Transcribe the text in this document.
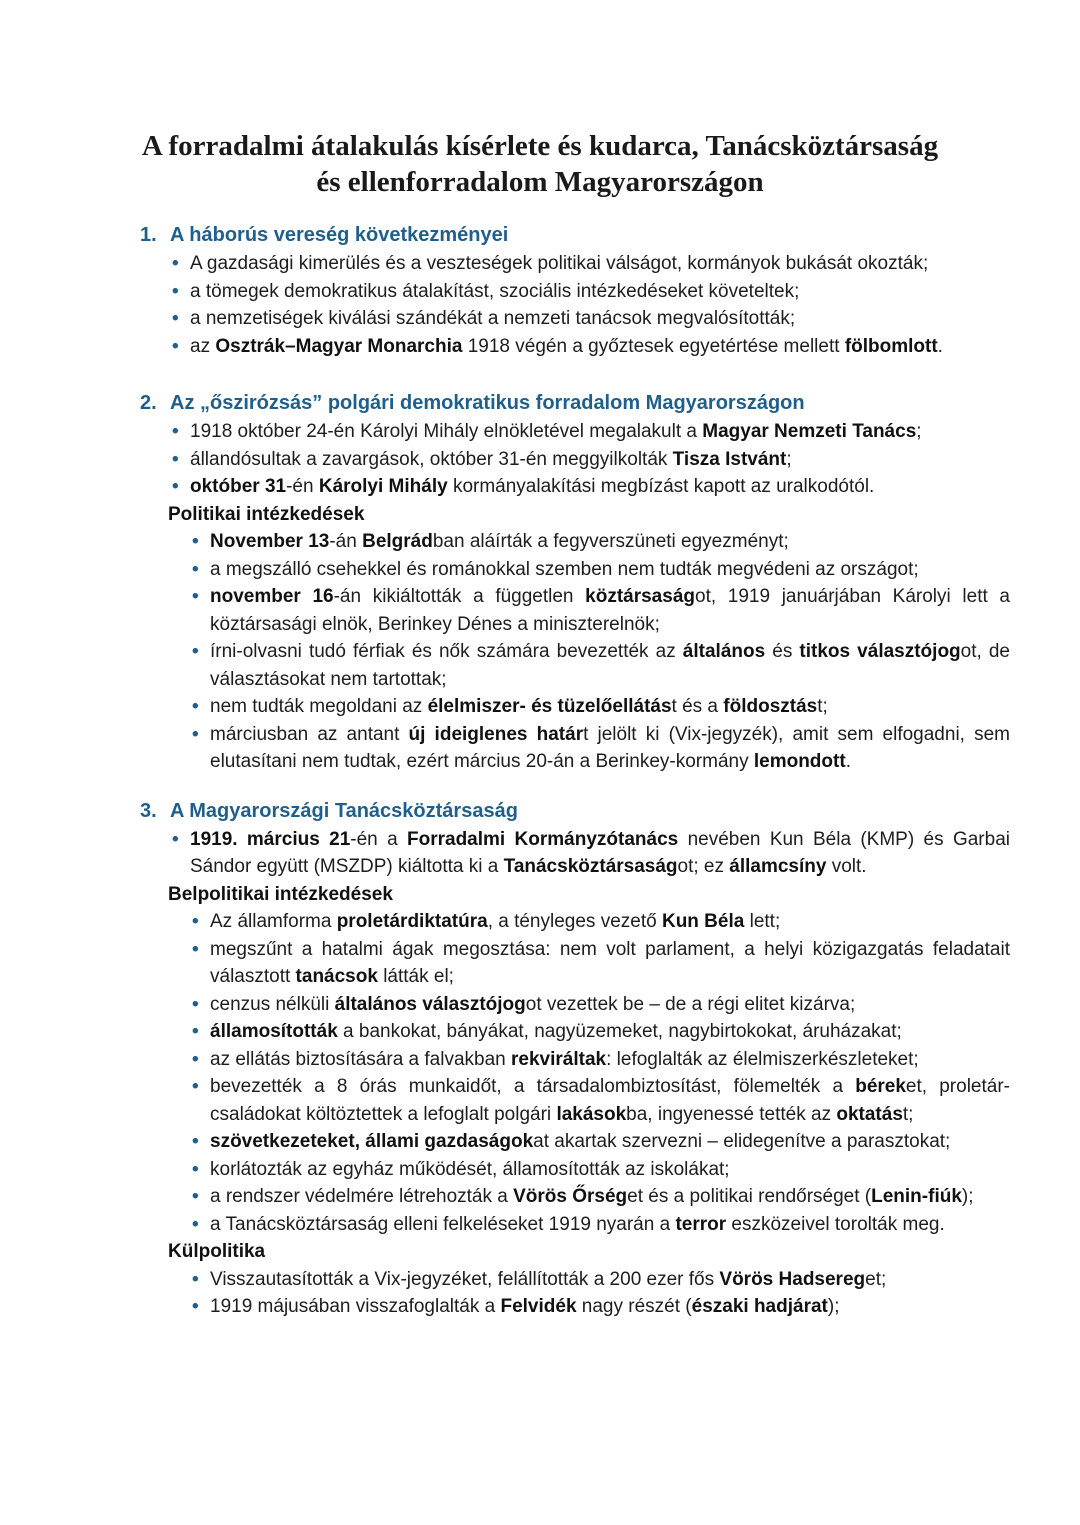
A forradalmi átalakulás kísérlete és kudarca, Tanácsköztársaság
és ellenforradalom Magyarországon
1. A háborús vereség következményei
• A gazdasági kimerülés és a veszteségek politikai válságot, kormányok bukását okozták;
• a tömegek demokratikus átalakítást, szociális intézkedéseket követeltek;
• a nemzetiségek kiválási szándékát a nemzeti tanácsok megvalósították;
• az Osztrák–Magyar Monarchia 1918 végén a győztesek egyetértése mellett fölbomlott.
2. Az „őszirózsás” polgári demokratikus forradalom Magyarországon
• 1918 október 24-én Károlyi Mihály elnökletével megalakult a Magyar Nemzeti Tanács;
• állandósultak a zavargások, október 31-én meggyilkolták Tisza Istvánt;
• október 31-én Károlyi Mihály kormányalakítási megbízást kapott az uralkodótól.
Politikai intézkedések
• November 13-án Belgrádban aláírták a fegyverszüneti egyezményt;
• a megszálló csehekkel és románokkal szemben nem tudták megvédeni az országot;
• november 16-án kikiáltották a független köztársaságot, 1919 januárjában Károlyi lett a köztársasági elnök, Berinkey Dénes a miniszterelnök;
• írni-olvasni tudó férfiak és nők számára bevezették az általános és titkos választójogot, de választásokat nem tartottak;
• nem tudták megoldani az élelmiszer- és tüzelőellátást és a földosztást;
• márciusban az antant új ideiglenes határt jelölt ki (Vix-jegyzék), amit sem elfogadni, sem elutasítani nem tudtak, ezért március 20-án a Berinkey-kormány lemondott.
3. A Magyarországi Tanácsköztársaság
• 1919. március 21-én a Forradalmi Kormányzótanács nevében Kun Béla (KMP) és Garbai Sándor együtt (MSZDP) kiáltotta ki a Tanácsköztársaságot; ez államcsíny volt.
Belpolitikai intézkedések
• Az államforma proletárdiktatúra, a tényleges vezető Kun Béla lett;
• megszűnt a hatalmi ágak megosztása: nem volt parlament, a helyi közigazgatás feladatait választott tanácsok látták el;
• cenzus nélküli általános választójogot vezettek be – de a régi elitet kizárva;
• államosították a bankokat, bányákat, nagyüzemeket, nagybirtokokat, áruházakat;
• az ellátás biztosítására a falvakban rekviráltak: lefoglalták az élelmiszerkészleteket;
• bevezették a 8 órás munkaidőt, a társadalombiztosítást, fölemelték a béreket, proletár-családokat költöztettek a lefoglalt polgári lakásokba, ingyenessé tették az oktatást;
• szövetkezeteket, állami gazdaságokat akartak szervezni – elidegenítve a parasztokat;
• korlátozták az egyház működését, államosították az iskolákat;
• a rendszer védelmére létrehozták a Vörös Őrséget és a politikai rendőrséget (Lenin-fiúk);
• a Tanácsköztársaság elleni felkeléseket 1919 nyarán a terror eszközeivel torolták meg.
Külpolitika
• Visszautasították a Vix-jegyzéket, felállították a 200 ezer fős Vörös Hadsereget;
• 1919 májusában visszafoglalták a Felvidék nagy részét (északi hadjárat);
